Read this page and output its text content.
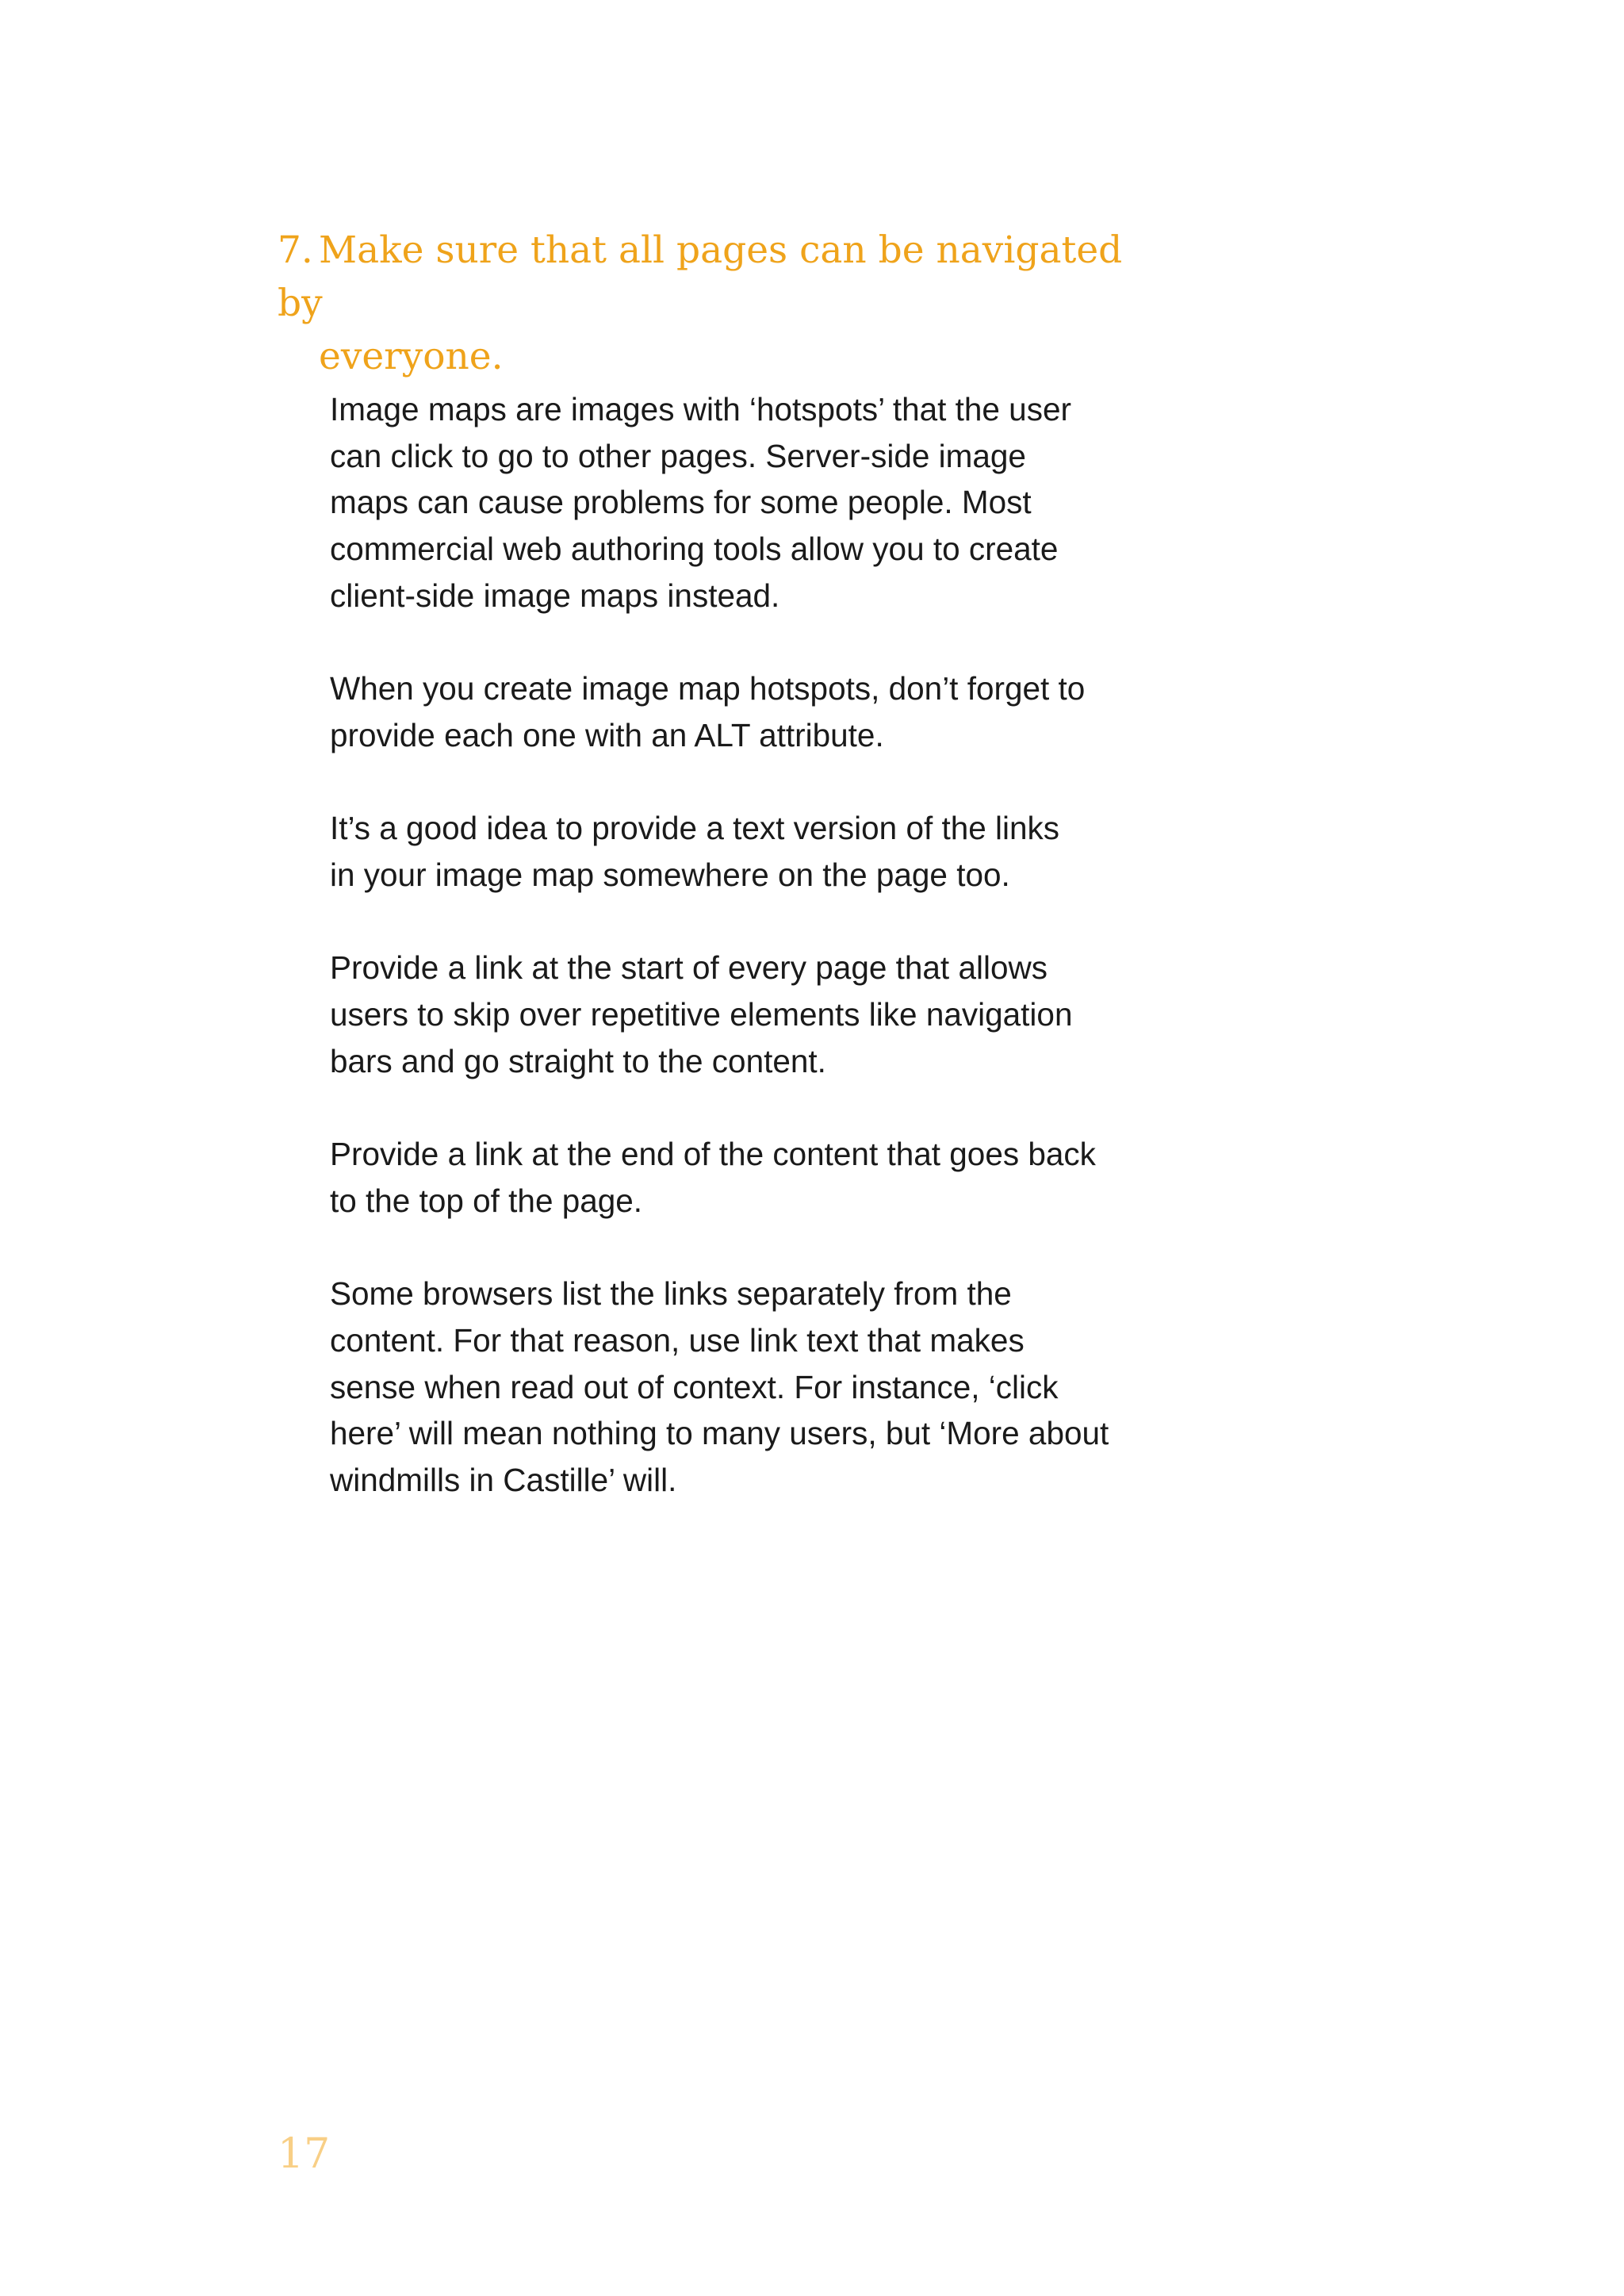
7. Make sure that all pages can be navigated by
everyone.

Image maps are images with ‘hotspots’ that the user
can click to go to other pages. Server-side image
maps can cause problems for some people. Most
commercial web authoring tools allow you to create
client-side image maps instead.

When you create image map hotspots, don’t forget to
provide each one with an ALT attribute.

It’s a good idea to provide a text version of the links
in your image map somewhere on the page too.

Provide a link at the start of every page that allows
users to skip over repetitive elements like navigation
bars and go straight to the content.

Provide a link at the end of the content that goes back
to the top of the page.

Some browsers list the links separately from the
content. For that reason, use link text that makes
sense when read out of context. For instance, ‘click
here’ will mean nothing to many users, but ‘More about
windmills in Castille’ will.

17
